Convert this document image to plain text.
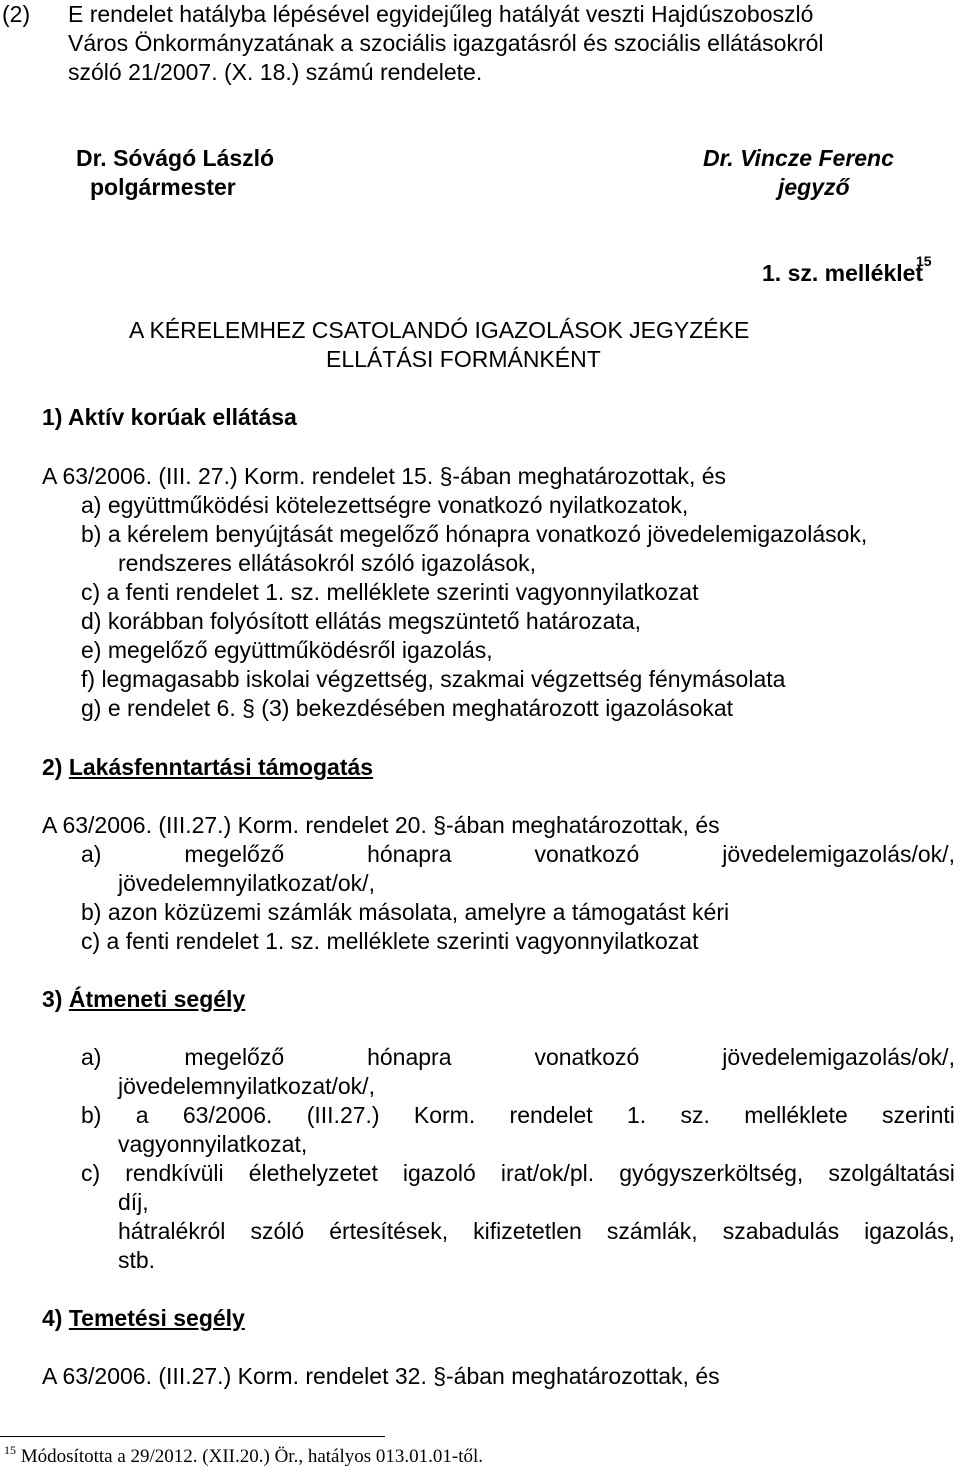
(2) E rendelet hatályba lépésével egyidejűleg hatályát veszti Hajdúszoboszló
Város Önkormányzatának a szociális igazgatásról és szociális ellátásokról
szóló 21/2007. (X. 18.) számú rendelete.
Dr. Sóvágó László
polgármester
Dr. Vincze Ferenc
jegyző
1. sz. melléklet
15
A KÉRELEMHEZ CSATOLANDÓ IGAZOLÁSOK JEGYZÉKE
ELLÁTÁSI FORMÁNKÉNT
1) Aktív korúak ellátása
A 63/2006. (III. 27.) Korm. rendelet 15. §-ában meghatározottak, és
a) együttműködési kötelezettségre vonatkozó nyilatkozatok,
b) a kérelem benyújtását megelőző hónapra vonatkozó jövedelemigazolások,
rendszeres ellátásokról szóló igazolások,
c) a fenti rendelet 1. sz. melléklete szerinti vagyonnyilatkozat
d) korábban folyósított ellátás megszüntető határozata,
e) megelőző együttműködésről igazolás,
f) legmagasabb iskolai végzettség, szakmai végzettség fénymásolata
g) e rendelet 6. § (3) bekezdésében meghatározott igazolásokat
2) Lakásfenntartási támogatás
A 63/2006. (III.27.) Korm. rendelet 20. §-ában meghatározottak, és
a)	megelőző	hónapra	vonatkozó	jövedelemigazolás/ok/,
jövedelemnyilatkozat/ok/,
b) azon közüzemi számlák másolata, amelyre a támogatást kéri
c) a fenti rendelet 1. sz. melléklete szerinti vagyonnyilatkozat
3) Átmeneti segély
a)	megelőző	hónapra	vonatkozó	jövedelemigazolás/ok/,
jövedelemnyilatkozat/ok/,
b) a 63/2006. (III.27.) Korm. rendelet 1. sz. melléklete szerinti
vagyonnyilatkozat,
c) rendkívüli élethelyzetet igazoló irat/ok/pl. gyógyszerköltség, szolgáltatási
díj,
hátralékról szóló értesítések, kifizetetlen számlák, szabadulás igazolás,
stb.
4) Temetési segély
A 63/2006. (III.27.) Korm. rendelet 32. §-ában meghatározottak, és
$^{15}$ Módosította a 29/2012. (XII.20.) Ör., hatályos 013.01.01-től.
